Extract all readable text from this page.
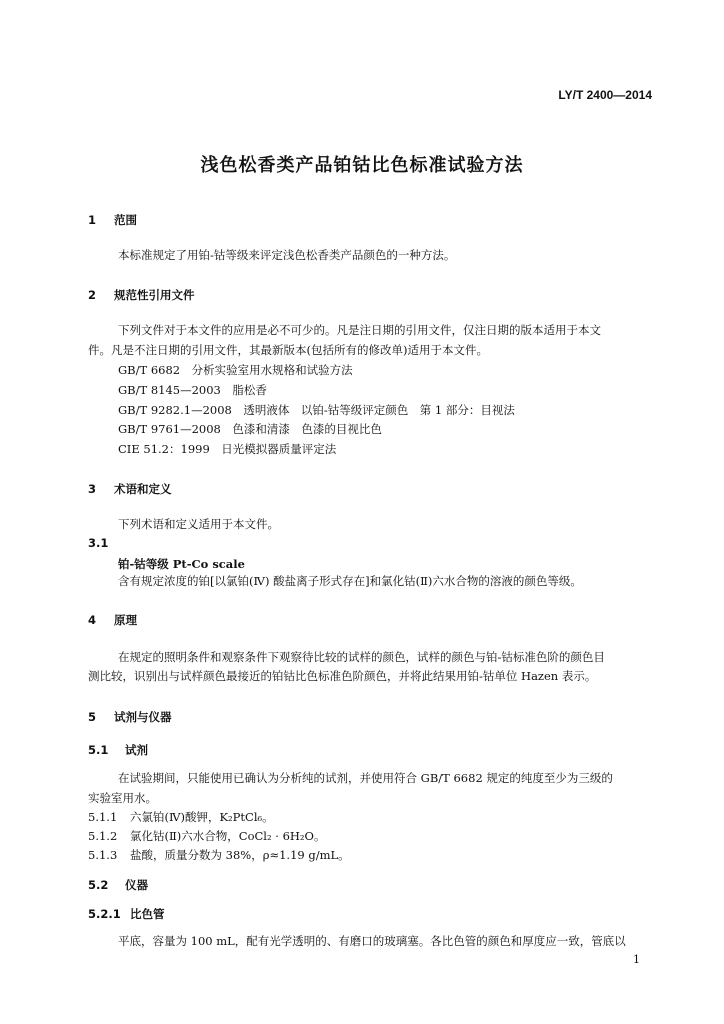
LY/T 2400—2014
浅色松香类产品铂钴比色标准试验方法
1 范围
本标准规定了用铂-钴等级来评定浅色松香类产品颜色的一种方法。
2 规范性引用文件
下列文件对于本文件的应用是必不可少的。凡是注日期的引用文件，仅注日期的版本适用于本文
件。凡是不注日期的引用文件，其最新版本(包括所有的修改单)适用于本文件。
GB/T 6682　分析实验室用水规格和试验方法
GB/T 8145—2003　脂松香
GB/T 9282.1—2008　透明液体　以铂-钴等级评定颜色　第 1 部分：目视法
GB/T 9761—2008　色漆和清漆　色漆的目视比色
CIE 51.2：1999　日光模拟器质量评定法
3 术语和定义
下列术语和定义适用于本文件。
3.1
铂-钴等级 Pt-Co scale
含有规定浓度的铂[以氯铂(Ⅳ) 酸盐离子形式存在]和氯化钴(Ⅱ)六水合物的溶液的颜色等级。
4 原理
在规定的照明条件和观察条件下观察待比较的试样的颜色，试样的颜色与铂-钴标准色阶的颜色目
测比较，识别出与试样颜色最接近的铂钴比色标准色阶颜色，并将此结果用铂-钴单位 Hazen 表示。
5 试剂与仪器
5.1 试剂
在试验期间，只能使用已确认为分析纯的试剂，并使用符合 GB/T 6682 规定的纯度至少为三级的
实验室用水。
5.1.1 六氯铂(Ⅳ)酸钾，K₂PtCl₆。
5.1.2 氯化钴(Ⅱ)六水合物，CoCl₂ · 6H₂O。
5.1.3 盐酸，质量分数为 38%，ρ≈1.19 g/mL。
5.2 仪器
5.2.1 比色管
平底，容量为 100 mL，配有光学透明的、有磨口的玻璃塞。各比色管的颜色和厚度应一致，管底以
1
